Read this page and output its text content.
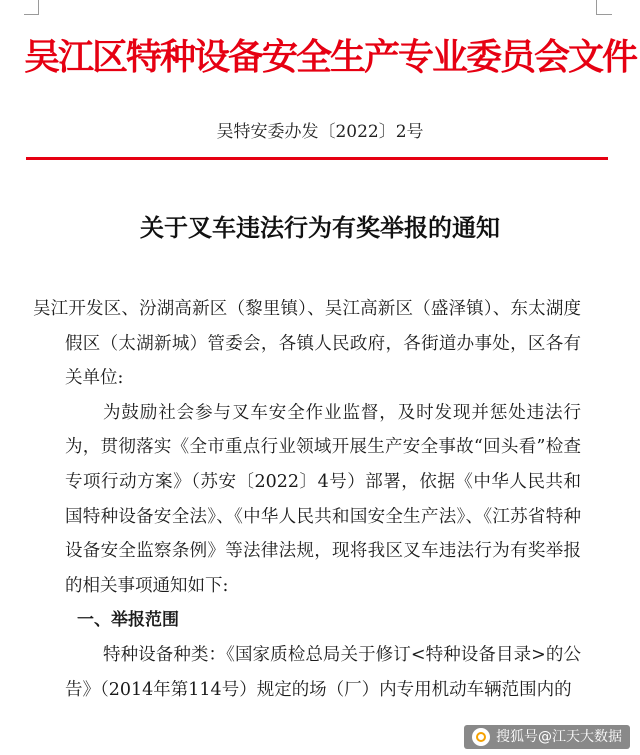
吴江区特种设备安全生产专业委员会文件
吴特安委办发〔2022〕2号
关于叉车违法行为有奖举报的通知

吴江开发区、汾湖高新区（黎里镇）、吴江高新区（盛泽镇）、东太湖度假区（太湖新城）管委会，各镇人民政府，各街道办事处，区各有关单位:

为鼓励社会参与叉车安全作业监督，及时发现并惩处违法行为，贯彻落实《全市重点行业领域开展生产安全事故“回头看”检查专项行动方案》（苏安〔2022〕4号）部署，依据《中华人民共和国特种设备安全法》、《中华人民共和国安全生产法》、《江苏省特种设备安全监察条例》等法律法规，现将我区叉车违法行为有奖举报的相关事项通知如下:

一、举报范围

特种设备种类：《国家质检总局关于修订<特种设备目录>的公告》（2014年第114号）规定的场（厂）内专用机动车辆范围内的

搜狐号@江天大数据
